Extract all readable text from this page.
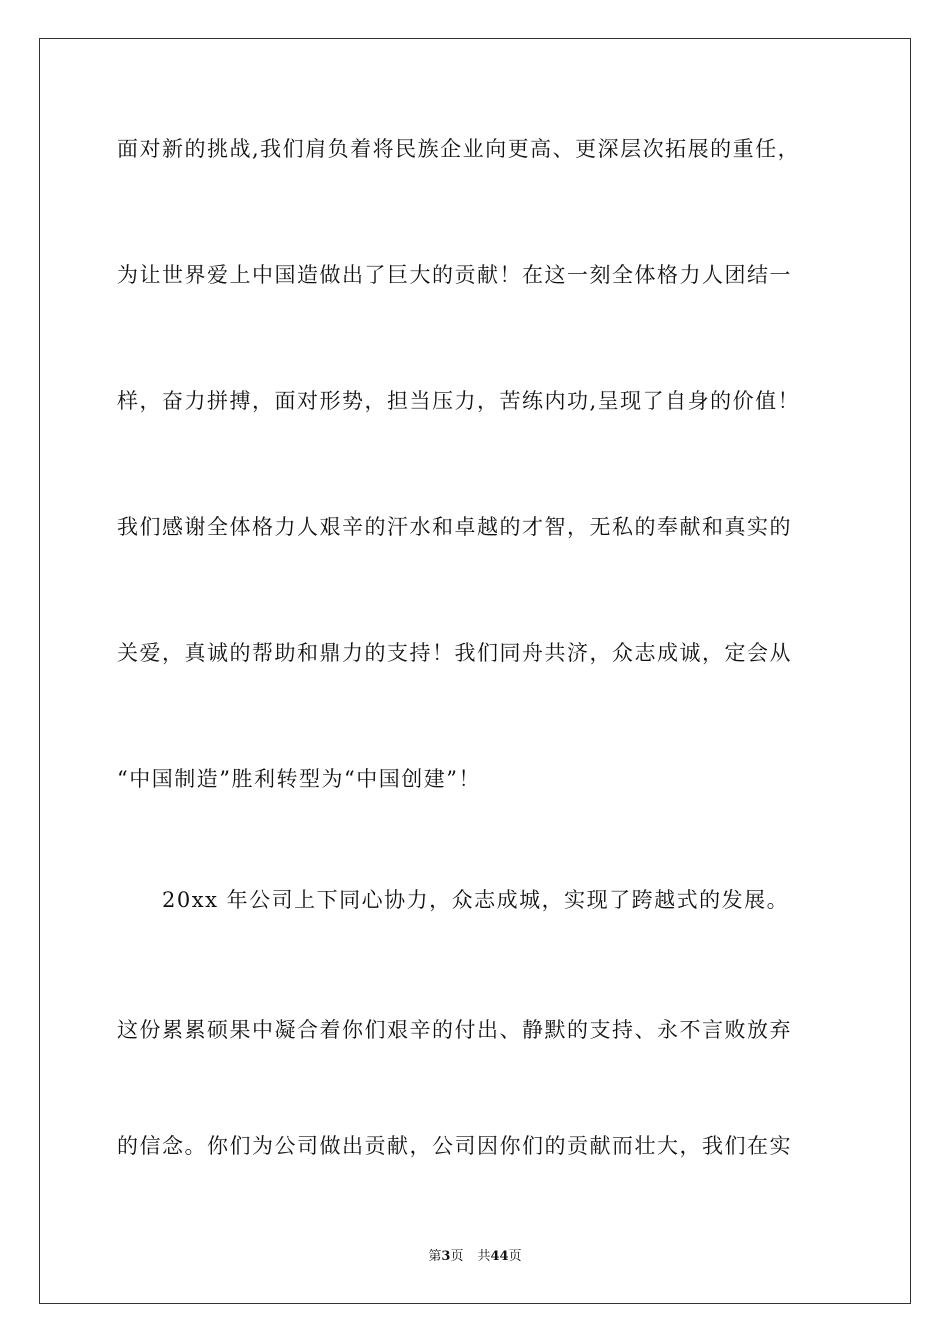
面对新的挑战,我们肩负着将民族企业向更高、更深层次拓展的重任，
为让世界爱上中国造做出了巨大的贡献！在这一刻全体格力人团结一
样，奋力拼搏，面对形势，担当压力，苦练内功,呈现了自身的价值！
我们感谢全体格力人艰辛的汗水和卓越的才智，无私的奉献和真实的
关爱，真诚的帮助和鼎力的支持！我们同舟共济，众志成诚，定会从
“中国制造”胜利转型为“中国创建”！
20xx 年公司上下同心协力，众志成城，实现了跨越式的发展。
这份累累硕果中凝合着你们艰辛的付出、静默的支持、永不言败放弃
的信念。你们为公司做出贡献，公司因你们的贡献而壮大，我们在实
第3页 共44页
